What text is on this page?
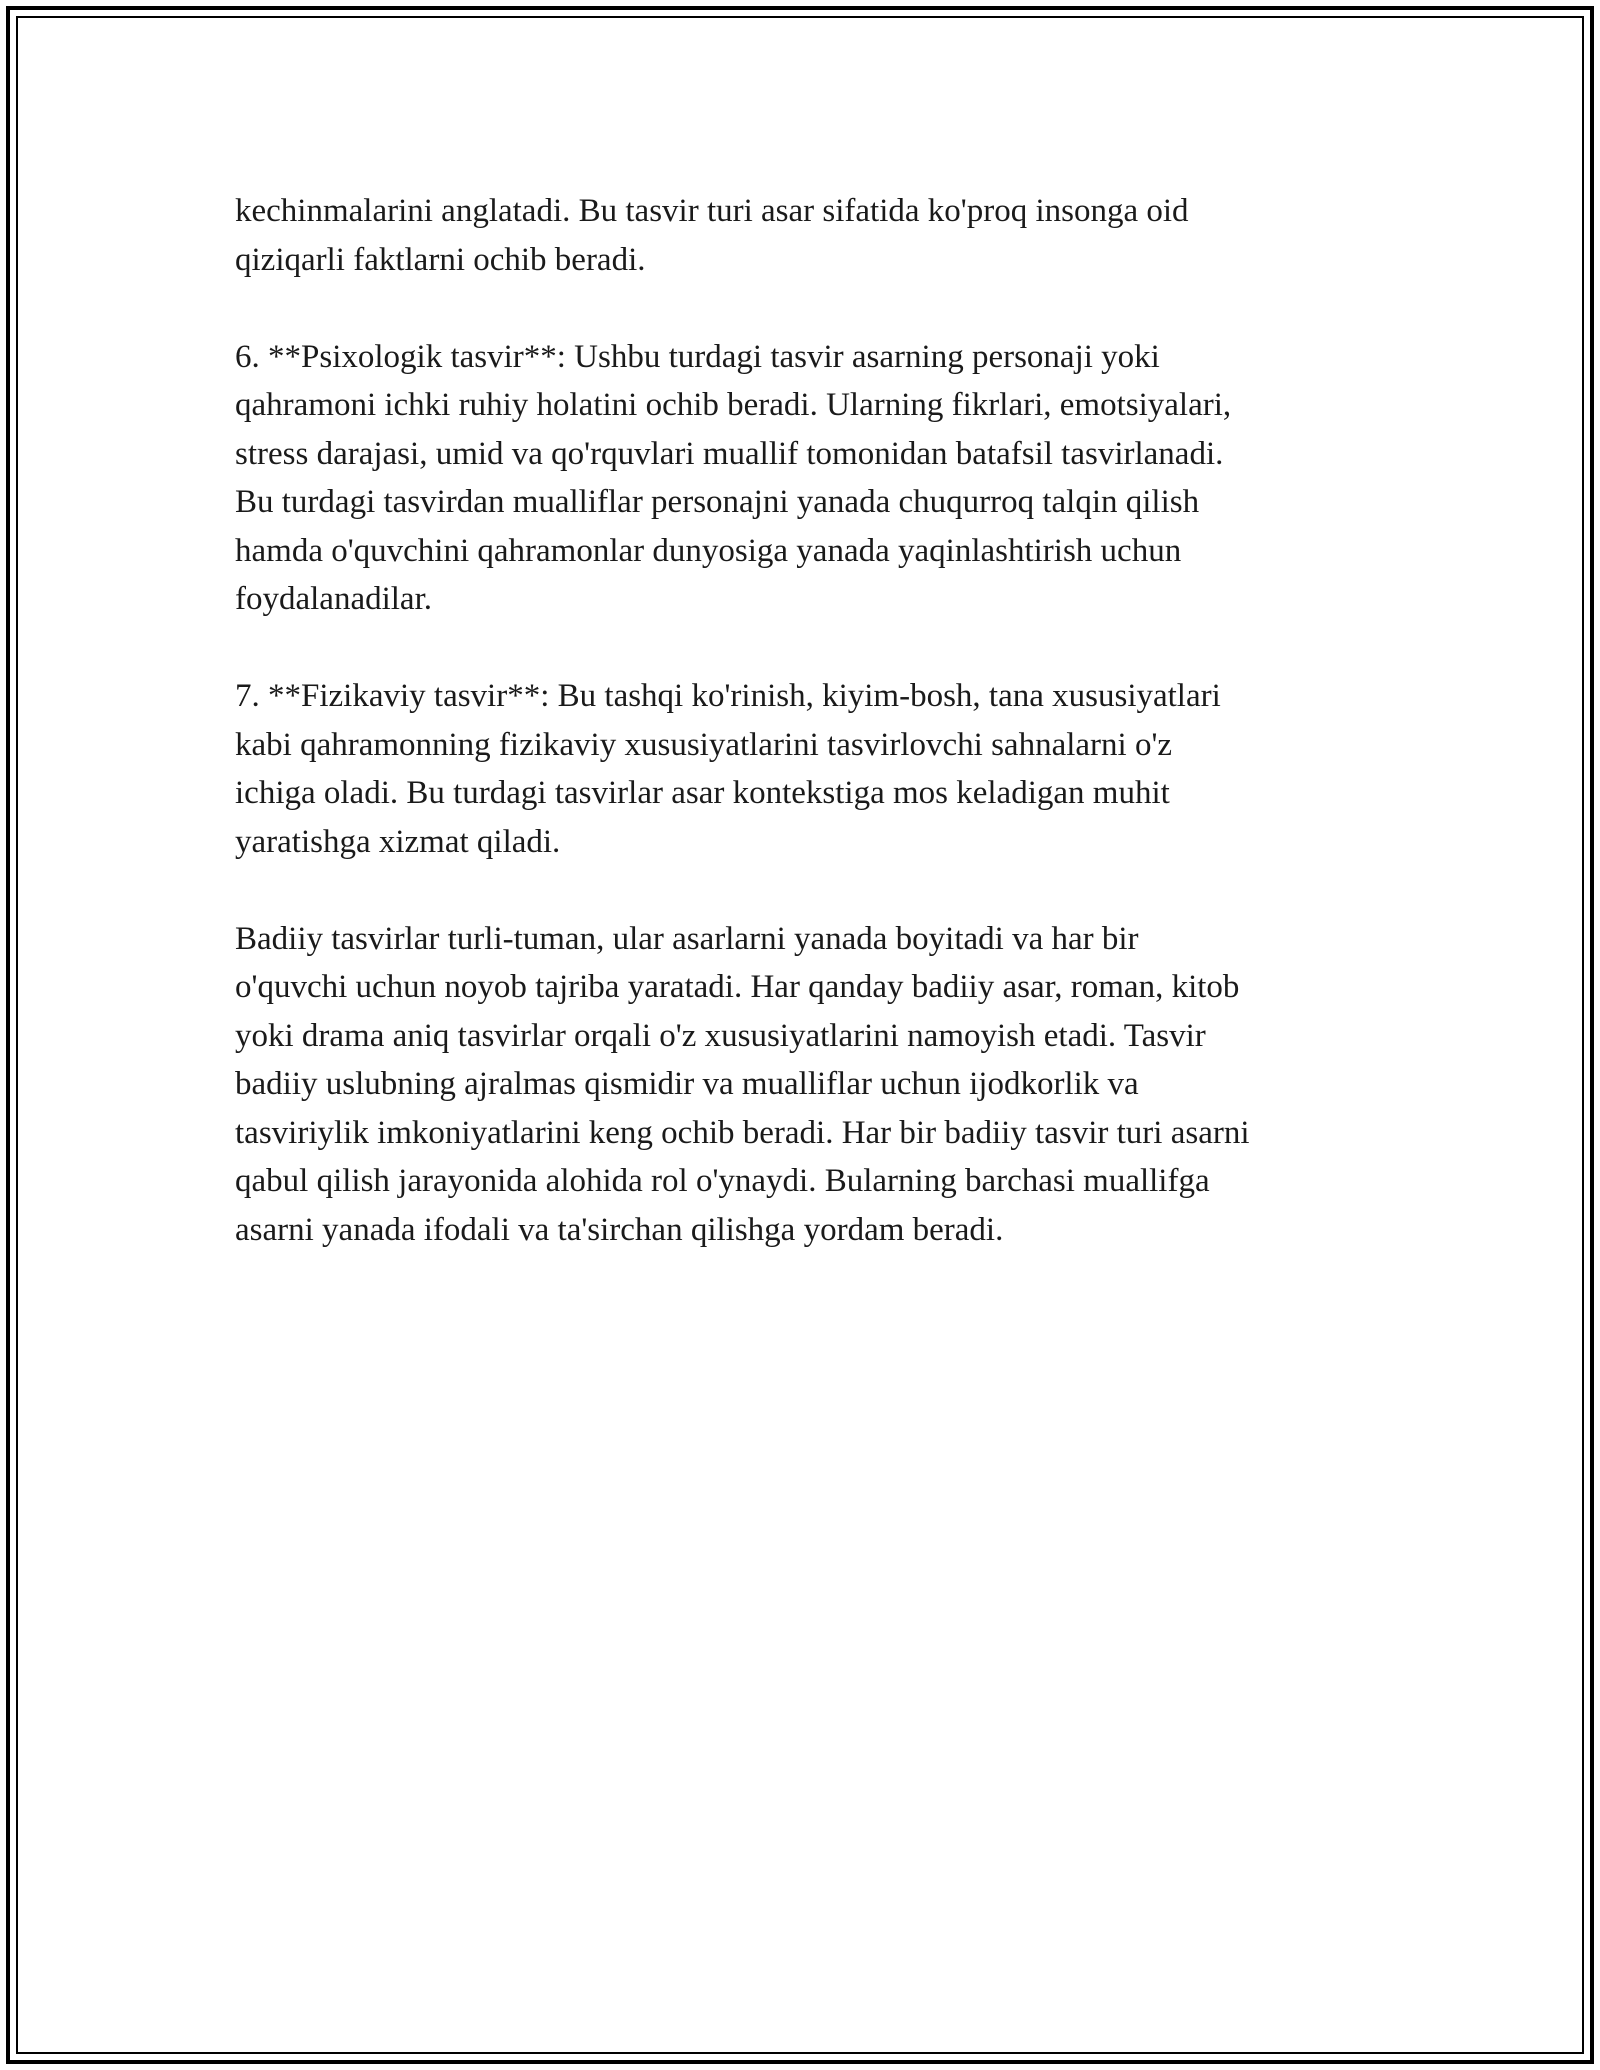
kechinmalarini anglatadi. Bu tasvir turi asar sifatida ko'proq insonga oid
qiziqarli faktlarni ochib beradi.

6. **Psixologik tasvir**: Ushbu turdagi tasvir asarning personaji yoki
qahramoni ichki ruhiy holatini ochib beradi. Ularning fikrlari, emotsiyalari,
stress darajasi, umid va qo'rquvlari muallif tomonidan batafsil tasvirlanadi.
Bu turdagi tasvirdan mualliflar personajni yanada chuqurroq talqin qilish
hamda o'quvchini qahramonlar dunyosiga yanada yaqinlashtirish uchun
foydalanadilar.

7. **Fizikaviy tasvir**: Bu tashqi ko'rinish, kiyim-bosh, tana xususiyatlari
kabi qahramonning fizikaviy xususiyatlarini tasvirlovchi sahnalarni o'z
ichiga oladi. Bu turdagi tasvirlar asar kontekstiga mos keladigan muhit
yaratishga xizmat qiladi.

Badiiy tasvirlar turli-tuman, ular asarlarni yanada boyitadi va har bir
o'quvchi uchun noyob tajriba yaratadi. Har qanday badiiy asar, roman, kitob
yoki drama aniq tasvirlar orqali o'z xususiyatlarini namoyish etadi. Tasvir
badiiy uslubning ajralmas qismidir va mualliflar uchun ijodkorlik va
tasviriylik imkoniyatlarini keng ochib beradi. Har bir badiiy tasvir turi asarni
qabul qilish jarayonida alohida rol o'ynaydi. Bularning barchasi muallifga
asarni yanada ifodali va ta'sirchan qilishga yordam beradi.
